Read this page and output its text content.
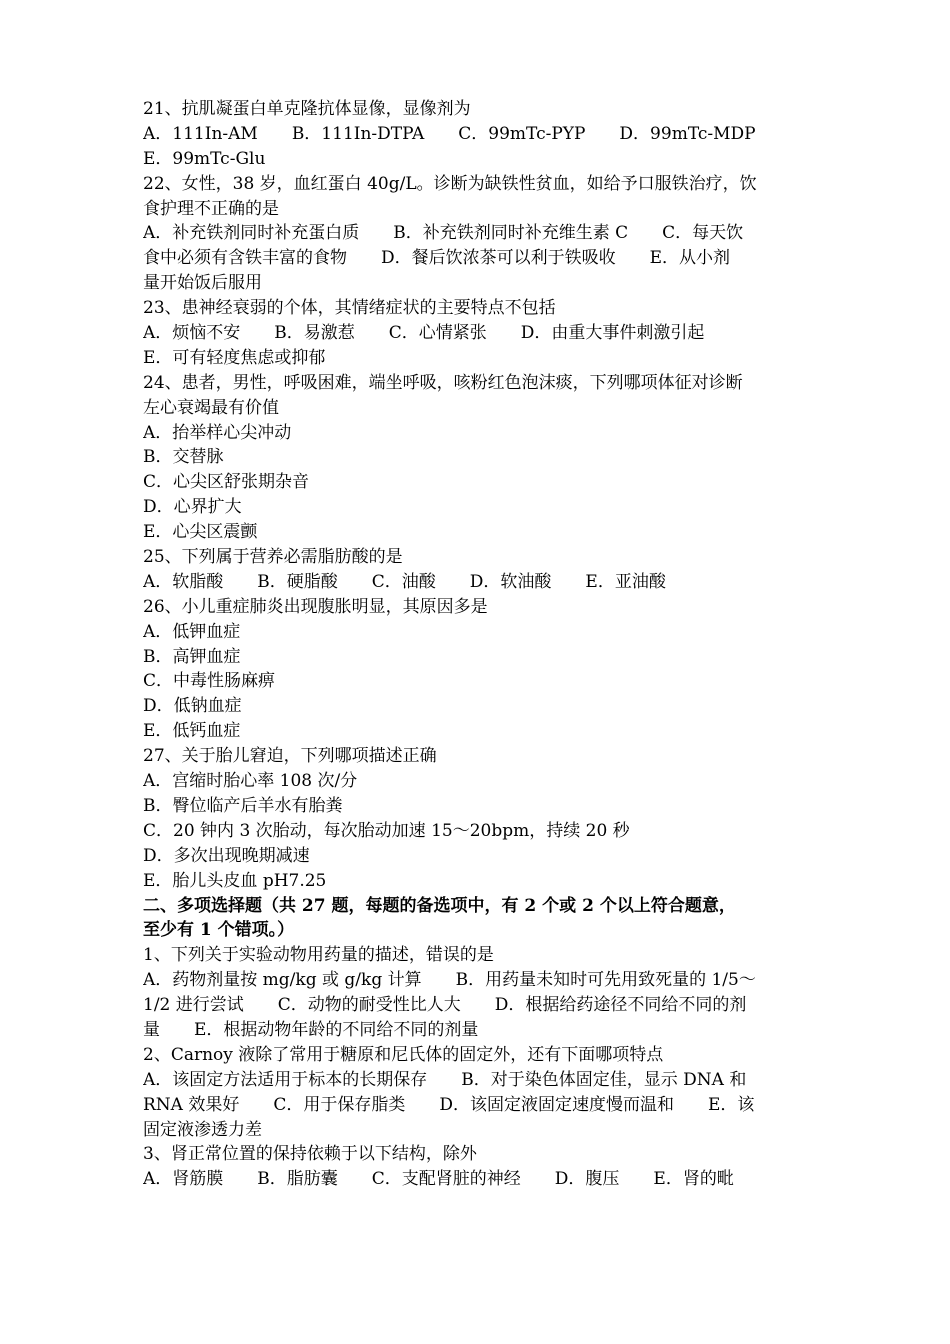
21、抗肌凝蛋白单克隆抗体显像，显像剂为
A．111In-AM　　B．111In-DTPA　　C．99mTc-PYP　　D．99mTc-MDP
E．99mTc-Glu
22、女性，38 岁，血红蛋白 40g/L。诊断为缺铁性贫血，如给予口服铁治疗，饮
食护理不正确的是
A．补充铁剂同时补充蛋白质　　B．补充铁剂同时补充维生素 C　　C．每天饮
食中必须有含铁丰富的食物　　D．餐后饮浓茶可以利于铁吸收　　E．从小剂
量开始饭后服用
23、患神经衰弱的个体，其情绪症状的主要特点不包括
A．烦恼不安　　B．易激惹　　C．心情紧张　　D．由重大事件刺激引起
E．可有轻度焦虑或抑郁
24、患者，男性，呼吸困难，端坐呼吸，咳粉红色泡沫痰，下列哪项体征对诊断
左心衰竭最有价值
A．抬举样心尖冲动
B．交替脉
C．心尖区舒张期杂音
D．心界扩大
E．心尖区震颤
25、下列属于营养必需脂肪酸的是
A．软脂酸　　B．硬脂酸　　C．油酸　　D．软油酸　　E．亚油酸
26、小儿重症肺炎出现腹胀明显，其原因多是
A．低钾血症
B．高钾血症
C．中毒性肠麻痹
D．低钠血症
E．低钙血症
27、关于胎儿窘迫，下列哪项描述正确
A．宫缩时胎心率 108 次/分
B．臀位临产后羊水有胎粪
C．20 钟内 3 次胎动，每次胎动加速 15～20bpm，持续 20 秒
D．多次出现晚期减速
E．胎儿头皮血 pH7.25
二、多项选择题（共 27 题，每题的备选项中，有 2 个或 2 个以上符合题意，
至少有 1 个错项。）
1、下列关于实验动物用药量的描述，错误的是
A．药物剂量按 mg/kg 或 g/kg 计算　　B．用药量未知时可先用致死量的 1/5～
1/2 进行尝试　　C．动物的耐受性比人大　　D．根据给药途径不同给不同的剂
量　　E．根据动物年龄的不同给不同的剂量
2、Carnoy 液除了常用于糖原和尼氏体的固定外，还有下面哪项特点
A．该固定方法适用于标本的长期保存　　B．对于染色体固定佳，显示 DNA 和
RNA 效果好　　C．用于保存脂类　　D．该固定液固定速度慢而温和　　E．该
固定液渗透力差
3、肾正常位置的保持依赖于以下结构，除外
A．肾筋膜　　B．脂肪囊　　C．支配肾脏的神经　　D．腹压　　E．肾的毗
